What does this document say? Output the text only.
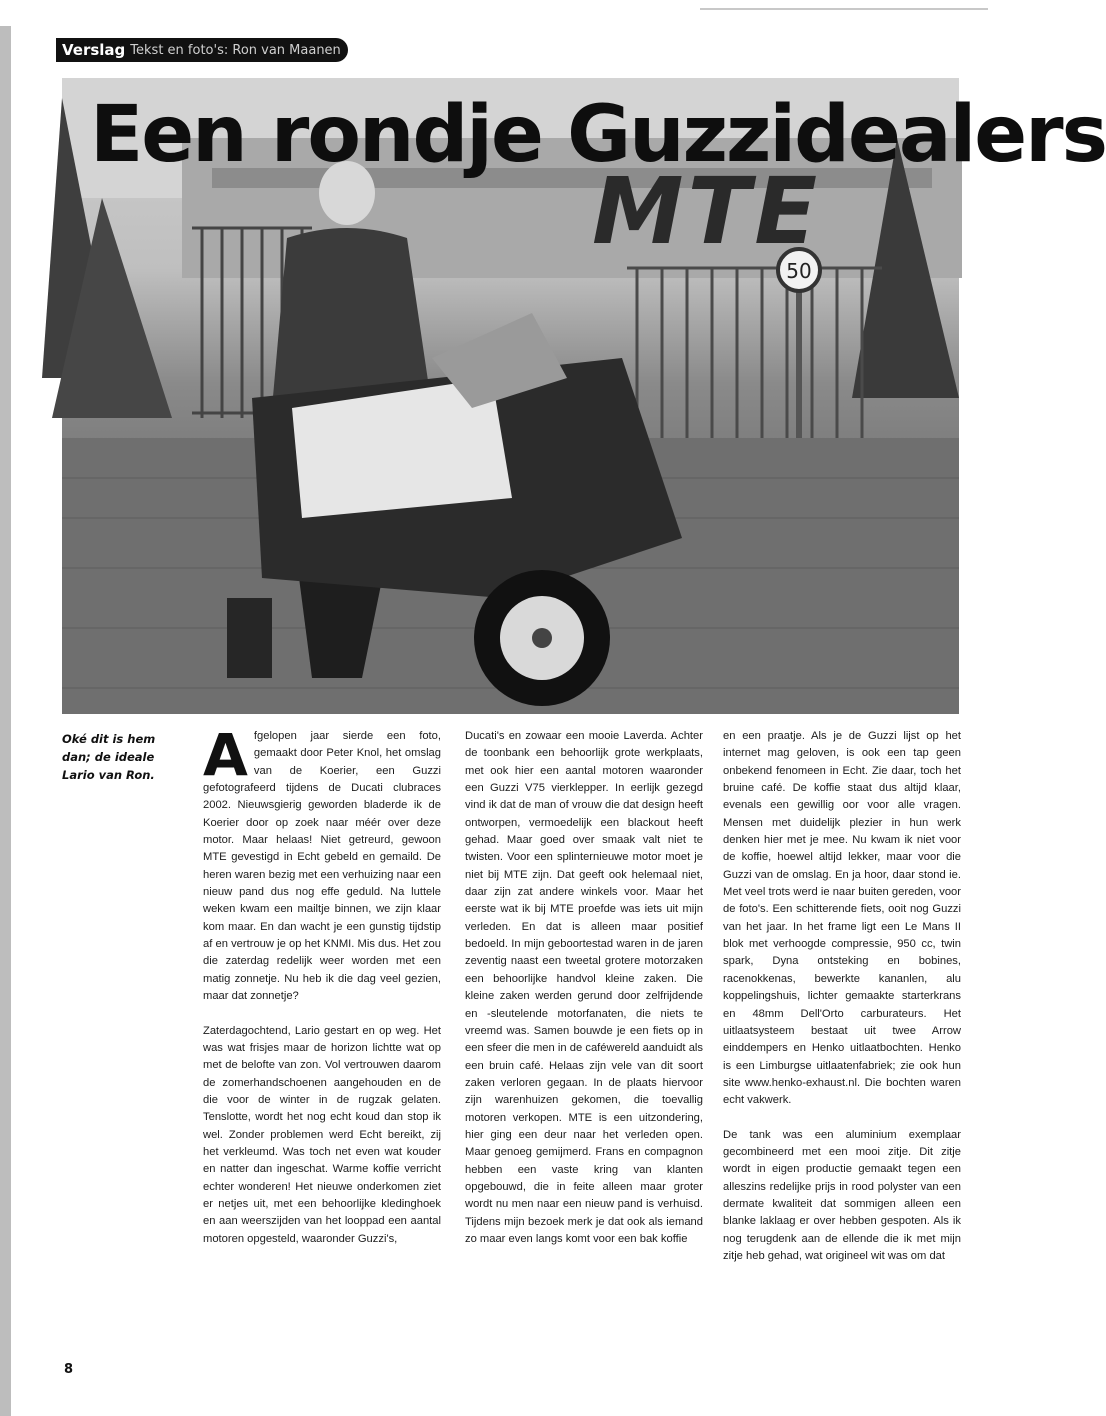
Verslag Tekst en foto's: Ron van Maanen
50
Een rondje Guzzidealers
MTE
Oké dit is hem dan; de ideale Lario van Ron. Afgelopen jaar sierde een foto, gemaakt door Peter Knol, het omslag van de Koerier, een Guzzi gefotografeerd tijdens de Ducati clubraces 2002. Nieuwsgierig geworden bladerde ik de Koerier door op zoek naar méér over deze motor. Maar helaas! Niet getreurd, gewoon MTE gevestigd in Echt gebeld en gemaild. De heren waren bezig met een verhuizing naar een nieuw pand dus nog effe geduld. Na luttele weken kwam een mailtje binnen, we zijn klaar kom maar. En dan wacht je een gunstig tijdstip af en vertrouw je op het KNMI. Mis dus. Het zou die zaterdag redelijk weer worden met een matig zonnetje. Nu heb ik die dag veel gezien, maar dat zonnetje?

Zaterdagochtend, Lario gestart en op weg. Het was wat frisjes maar de horizon lichtte wat op met de belofte van zon. Vol vertrouwen daarom de zomerhandschoenen aangehouden en de die voor de winter in de rugzak gelaten. Tenslotte, wordt het nog echt koud dan stop ik wel. Zonder problemen werd Echt bereikt, zij het verkleumd. Was toch net even wat kouder en natter dan ingeschat. Warme koffie verricht echter wonderen! Het nieuwe onderkomen ziet er netjes uit, met een behoorlijke kledinghoek en aan weerszijden van het looppad een aantal motoren opgesteld, waaronder Guzzi's,

Ducati's en zowaar een mooie Laverda. Achter de toonbank een behoorlijk grote werkplaats, met ook hier een aantal motoren waaronder een Guzzi V75 vierklepper. In eerlijk gezegd vind ik dat de man of vrouw die dat design heeft ontworpen, vermoedelijk een blackout heeft gehad. Maar goed over smaak valt niet te twisten. Voor een splinternieuwe motor moet je niet bij MTE zijn. Dat geeft ook helemaal niet, daar zijn zat andere winkels voor. Maar het eerste wat ik bij MTE proefde was iets uit mijn verleden. En dat is alleen maar positief bedoeld. In mijn geboortestad waren in de jaren zeventig naast een tweetal grotere motorzaken een behoorlijke handvol kleine zaken. Die kleine zaken werden gerund door zelfrijdende en -sleutelende motorfanaten, die niets te vreemd was. Samen bouwde je een fiets op in een sfeer die men in de caféwereld aanduidt als een bruin café. Helaas zijn vele van dit soort zaken verloren gegaan. In de plaats hiervoor zijn warenhuizen gekomen, die toevallig motoren verkopen. MTE is een uitzondering, hier ging een deur naar het verleden open. Maar genoeg gemijmerd. Frans en compagnon hebben een vaste kring van klanten opgebouwd, die in feite alleen maar groter wordt nu men naar een nieuw pand is verhuisd. Tijdens mijn bezoek merk je dat ook als iemand zo maar even langs komt voor een bak koffie

en een praatje. Als je de Guzzi lijst op het internet mag geloven, is ook een tap geen onbekend fenomeen in Echt. Zie daar, toch het bruine café. De koffie staat dus altijd klaar, evenals een gewillig oor voor alle vragen. Mensen met duidelijk plezier in hun werk denken hier met je mee. Nu kwam ik niet voor de koffie, hoewel altijd lekker, maar voor die Guzzi van de omslag. En ja hoor, daar stond ie. Met veel trots werd ie naar buiten gereden, voor de foto's. Een schitterende fiets, ooit nog Guzzi van het jaar. In het frame ligt een Le Mans II blok met verhoogde compressie, 950 cc, twin spark, Dyna ontsteking en bobines, racenokkenas, bewerkte kananlen, alu koppelingshuis, lichter gemaakte starterkrans en 48mm Dell'Orto carburateurs. Het uitlaatsysteem bestaat uit twee Arrow einddempers en Henko uitlaatbochten. Henko is een Limburgse uitlaatenfabriek; zie ook hun site www.henko-exhaust.nl. Die bochten waren echt vakwerk.

De tank was een aluminium exemplaar gecombineerd met een mooi zitje. Dit zitje wordt in eigen productie gemaakt tegen een alleszins redelijke prijs in rood polyster van een dermate kwaliteit dat sommigen alleen een blanke laklaag er over hebben gespoten. Als ik nog terugdenk aan de ellende die ik met mijn zitje heb gehad, wat origineel wit was om dat

8
